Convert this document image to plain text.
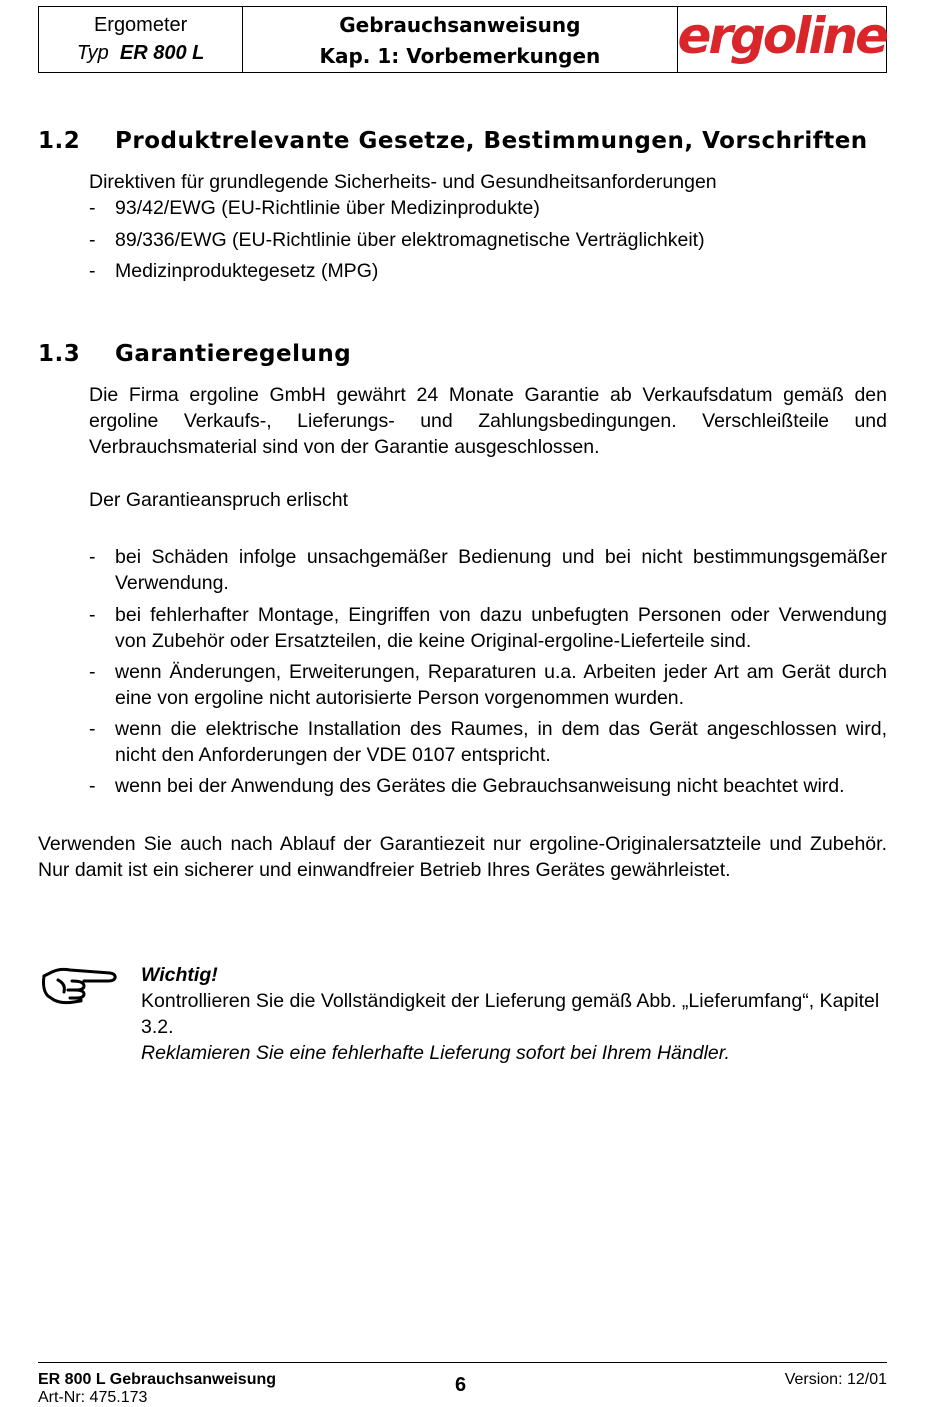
Ergometer
Typ ER 800 L
Gebrauchsanweisung
Kap. 1: Vorbemerkungen	ergoline
1.2 Produktrelevante Gesetze, Bestimmungen, Vorschriften
Direktiven für grundlegende Sicherheits- und Gesundheitsanforderungen
- 93/42/EWG (EU-Richtlinie über Medizinprodukte)
- 89/336/EWG (EU-Richtlinie über elektromagnetische Verträglichkeit)
- Medizinproduktegesetz (MPG)
1.3 Garantieregelung
Die Firma ergoline GmbH gewährt 24 Monate Garantie ab Verkaufsdatum gemäß den ergoline Verkaufs-, Lieferungs- und Zahlungsbedingungen. Verschleißteile und Verbrauchsmaterial sind von der Garantie ausgeschlossen.
Der Garantieanspruch erlischt
- bei Schäden infolge unsachgemäßer Bedienung und bei nicht bestimmungsgemäßer Verwendung.
- bei fehlerhafter Montage, Eingriffen von dazu unbefugten Personen oder Verwendung von Zubehör oder Ersatzteilen, die keine Original-ergoline-Lieferteile sind.
- wenn Änderungen, Erweiterungen, Reparaturen u.a. Arbeiten jeder Art am Gerät durch eine von ergoline nicht autorisierte Person vorgenommen wurden.
- wenn die elektrische Installation des Raumes, in dem das Gerät angeschlossen wird, nicht den Anforderungen der VDE 0107 entspricht.
- wenn bei der Anwendung des Gerätes die Gebrauchsanweisung nicht beachtet wird.
Verwenden Sie auch nach Ablauf der Garantiezeit nur ergoline-Originalersatzteile und Zubehör. Nur damit ist ein sicherer und einwandfreier Betrieb Ihres Gerätes gewährleistet.
Wichtig!
Kontrollieren Sie die Vollständigkeit der Lieferung gemäß Abb. „Lieferumfang“, Kapitel 3.2.
Reklamieren Sie eine fehlerhafte Lieferung sofort bei Ihrem Händler.
ER 800 L Gebrauchsanweisung
Art-Nr: 475.173
6	Version: 12/01
